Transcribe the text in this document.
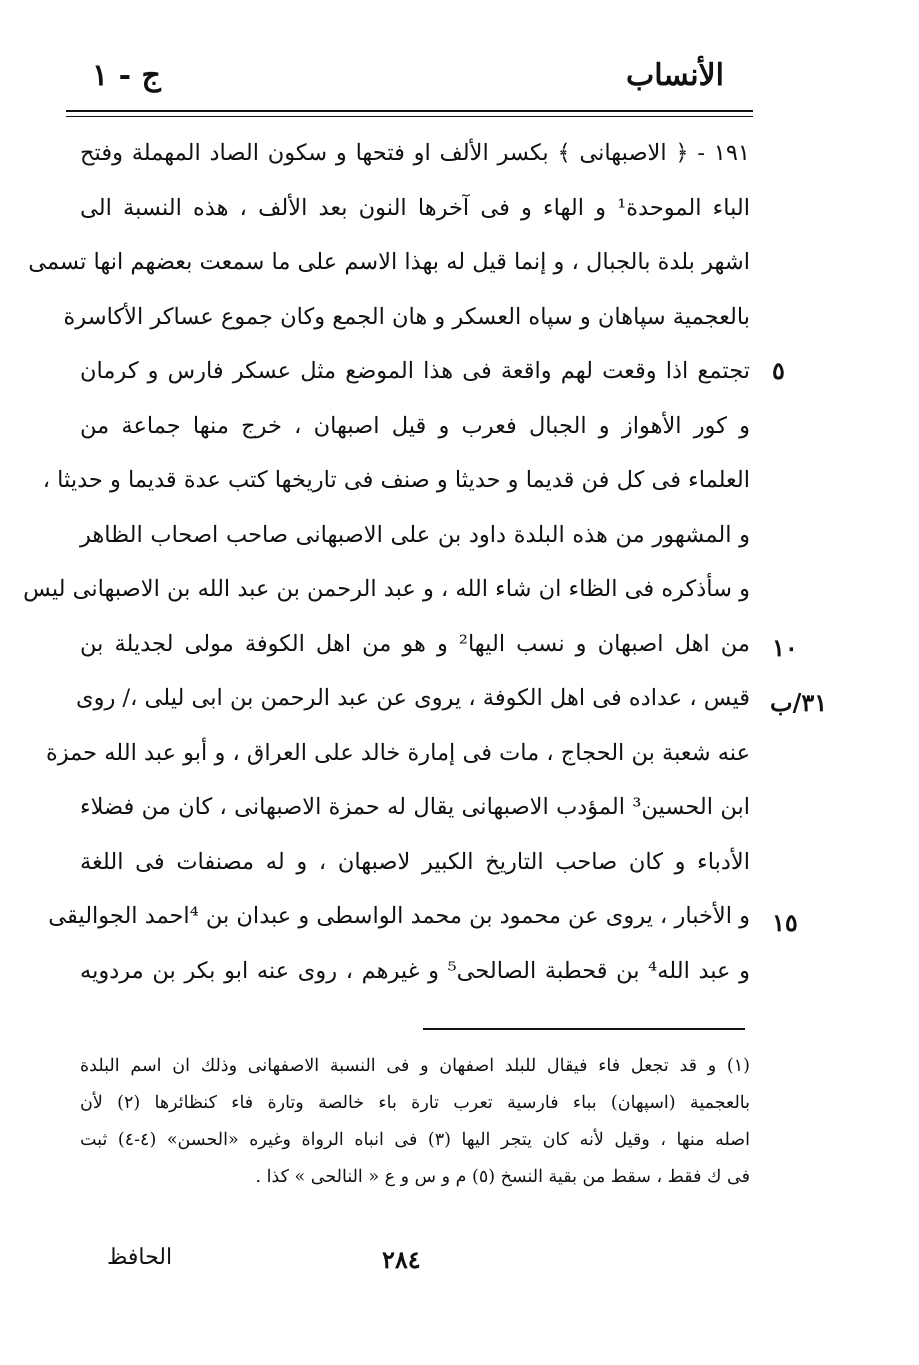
الأنساب
ج - ١
١٩١ - ﴿ الاصبهانى ﴾ بكسر الألف او فتحها و سكون الصاد المهملة وفتح
الباء الموحدة¹ و الهاء و فى آخرها النون بعد الألف ، هذه النسبة الى
اشهر بلدة بالجبال ، و إنما قيل له بهذا الاسم على ما سمعت بعضهم انها تسمى
بالعجمية سپاهان و سپاه العسكر و هان الجمع وكان جموع عساكر الأكاسرة
تجتمع اذا وقعت لهم واقعة فى هذا الموضع مثل عسكر فارس و كرمان
و كور الأهواز و الجبال فعرب و قيل اصبهان ، خرج منها جماعة من
العلماء فى كل فن قديما و حديثا و صنف فى تاريخها كتب عدة قديما و حديثا ،
و المشهور من هذه البلدة داود بن على الاصبهانى صاحب اصحاب الظاهر
و سأذكره فى الظاء ان شاء الله ، و عبد الرحمن بن عبد الله بن الاصبهانى ليس
من اهل اصبهان و نسب اليها² و هو من اهل الكوفة مولى لجديلة بن
قيس ، عداده فى اهل الكوفة ، يروى عن عبد الرحمن بن ابى ليلى ،/ روى
عنه شعبة بن الحجاج ، مات فى إمارة خالد على العراق ، و أبو عبد الله حمزة
ابن الحسين³ المؤدب الاصبهانى يقال له حمزة الاصبهانى ، كان من فضلاء
الأدباء و كان صاحب التاريخ الكبير لاصبهان ، و له مصنفات فى اللغة
و الأخبار ، يروى عن محمود بن محمد الواسطى و عبدان بن ⁴احمد الجواليقى
و عبد الله⁴ بن قحطبة الصالحى⁵ و غيرهم ، روى عنه ابو بكر بن مردويه
٥
١٠
٣١/ب
١٥
(١) و قد تجعل فاء فيقال للبلد اصفهان و فى النسبة الاصفهانى وذلك ان اسم البلدة
بالعجمية (اسپهان) بباء فارسية تعرب تارة باء خالصة وتارة فاء كنظائرها (٢) لأن
اصله منها ، وقيل لأنه كان يتجر اليها (٣) فى انباه الرواة وغيره «الحسن» (٤-٤) ثبت
فى ك فقط ، سقط من بقية النسخ (٥) م و س و ع « النالحى » كذا .
٢٨٤
الحافظ
